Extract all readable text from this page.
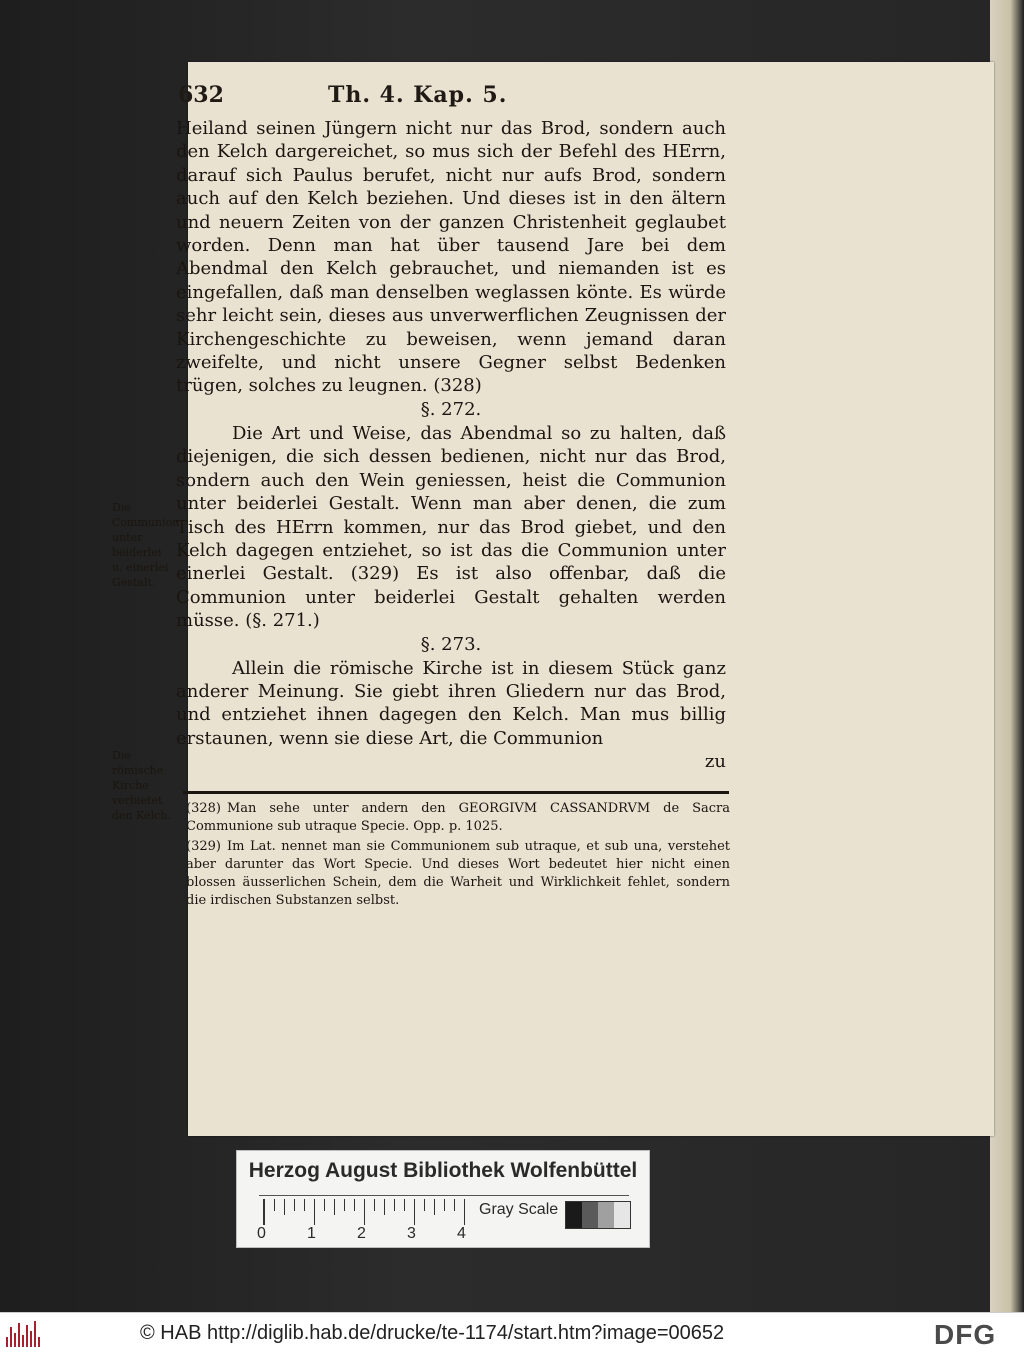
632	Th. 4. Kap. 5.

Heiland seinen Jüngern nicht nur das Brod, sondern auch den Kelch dargereichet, so mus sich der Befehl des HErrn, darauf sich Paulus berufet, nicht nur aufs Brod, sondern auch auf den Kelch beziehen. Und dieses ist in den ältern und neuern Zeiten von der ganzen Christenheit geglaubet worden. Denn man hat über tausend Jare bei dem Abendmal den Kelch gebrauchet, und niemanden ist es eingefallen, daß man denselben weglassen könte. Es würde sehr leicht sein, dieses aus unverwerflichen Zeugnissen der Kirchengeschichte zu beweisen, wenn jemand daran zweifelte, und nicht unsere Gegner selbst Bedenken trügen, solches zu leugnen. (328)

§. 272.

Die Art und Weise, das Abendmal so zu halten, daß diejenigen, die sich dessen bedienen, nicht nur das Brod, sondern auch den Wein geniessen, heist die Communion unter beiderlei Gestalt. Wenn man aber denen, die zum Tisch des HErrn kommen, nur das Brod giebet, und den Kelch dagegen entziehet, so ist das die Communion unter einerlei Gestalt. (329) Es ist also offenbar, daß die Communion unter beiderlei Gestalt gehalten werden müsse. (§. 271.)

§. 273.

Allein die römische Kirche ist in diesem Stück ganz anderer Meinung. Sie giebt ihren Gliedern nur das Brod, und entziehet ihnen dagegen den Kelch. Man mus billig erstaunen, wenn sie diese Art, die Communion

zu
Die Communion unter beiderlei u. einerlei Gestalt.
Die römische Kirche verbietet den Kelch. (328) Man sehe unter andern den GEORGIVM CASSANDRVM de Sacra Communione sub utraque Specie. Opp. p. 1025.

(329) Im Lat. nennet man sie Communionem sub utraque, et sub una, verstehet aber darunter das Wort Specie. Und dieses Wort bedeutet hier nicht einen blossen äusserlichen Schein, dem die Warheit und Wirklichkeit fehlet, sondern die irdischen Substanzen selbst.

Herzog August Bibliothek Wolfenbüttel
0	1	2	3	4
Gray Scale
© HAB http://diglib.hab.de/drucke/te-1174/start.htm?image=00652	DFG
